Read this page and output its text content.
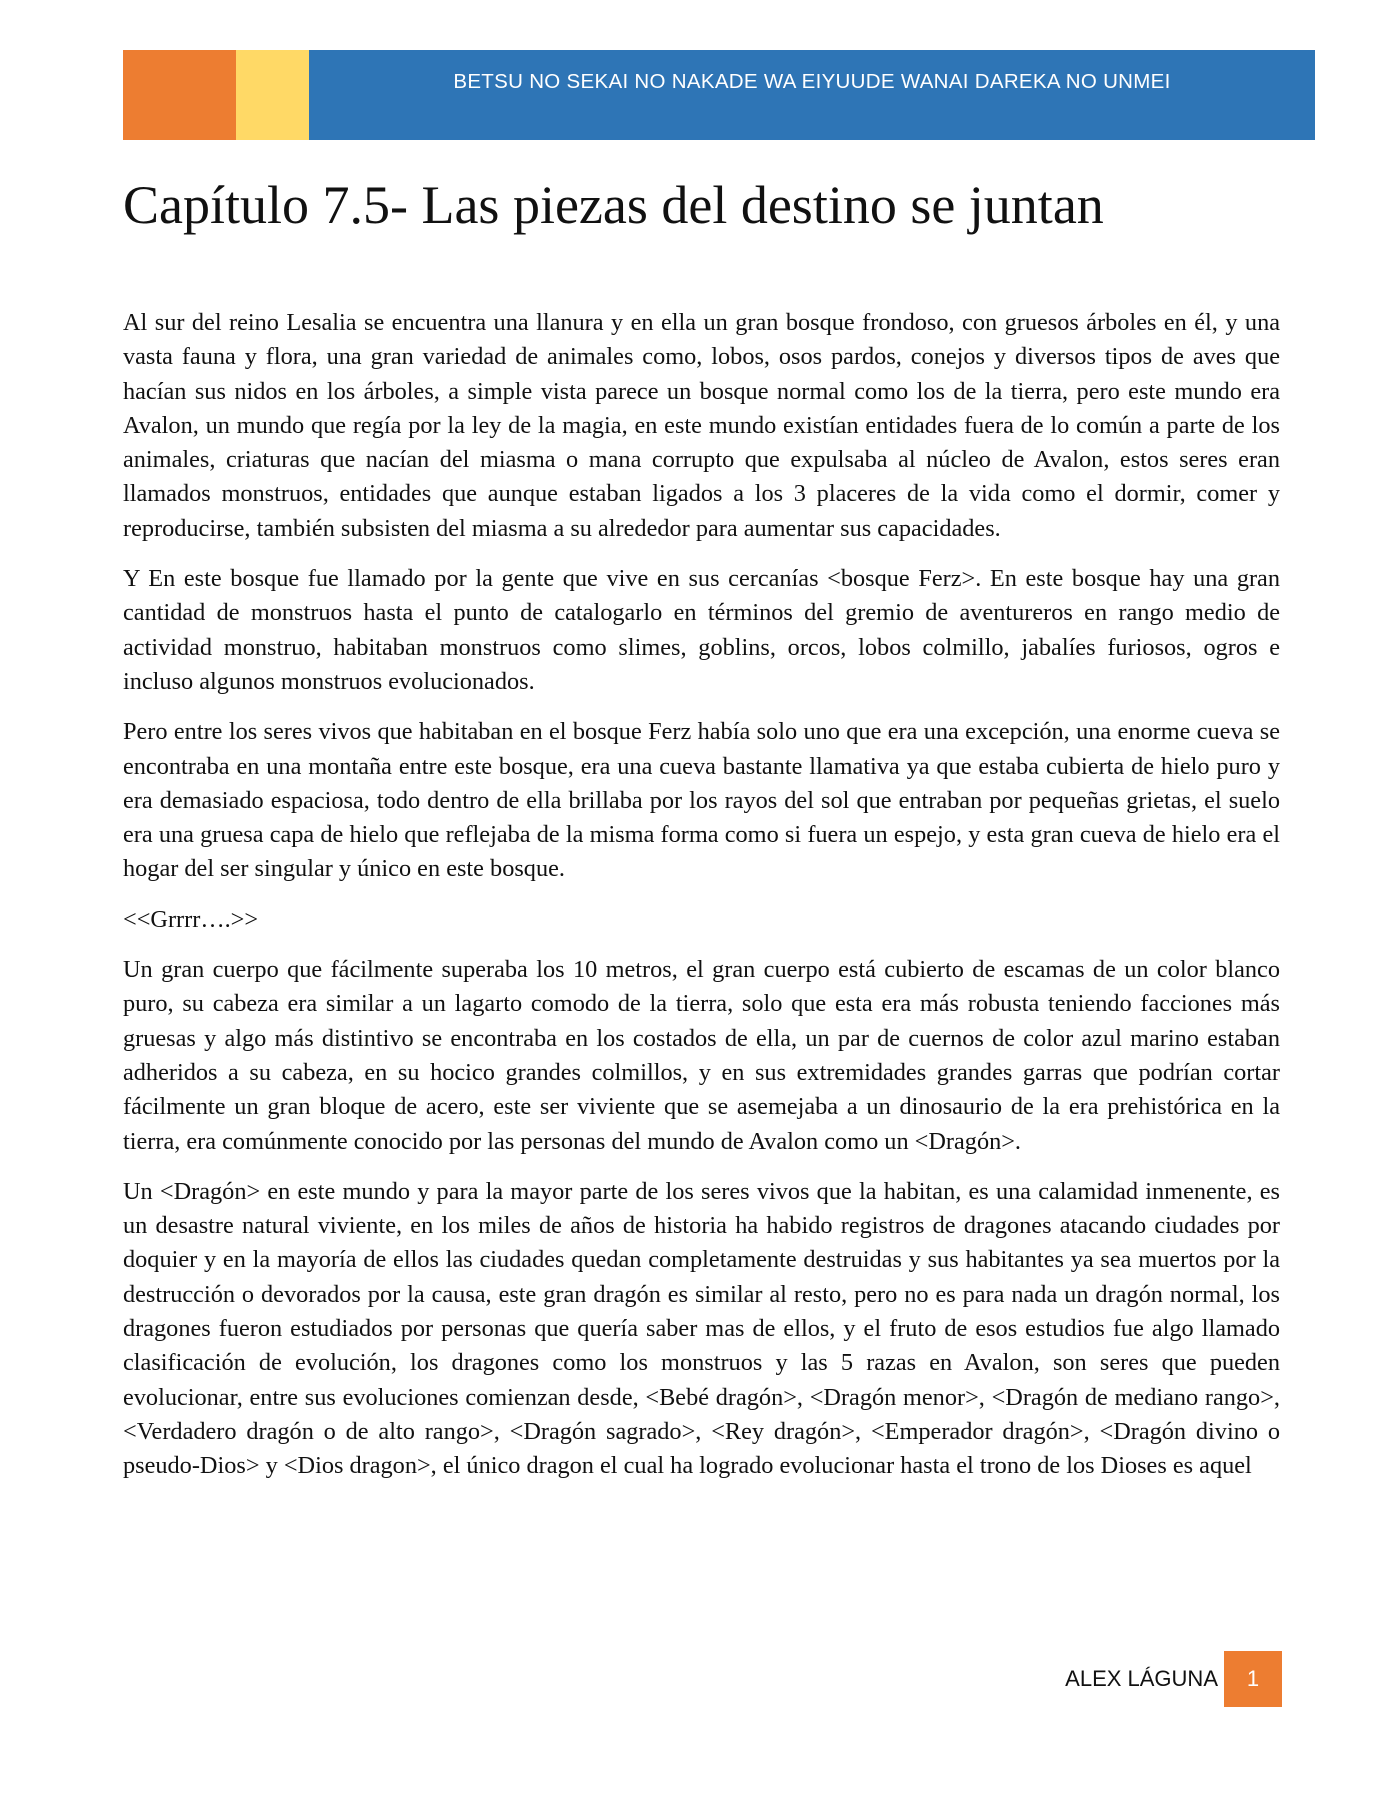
BETSU NO SEKAI NO NAKADE WA EIYUUDE WANAI DAREKA NO UNMEI
Capítulo 7.5- Las piezas del destino se juntan

Al sur del reino Lesalia se encuentra una llanura y en ella un gran bosque frondoso, con gruesos árboles en él, y una vasta fauna y flora, una gran variedad de animales como, lobos, osos pardos, conejos y diversos tipos de aves que hacían sus nidos en los árboles, a simple vista parece un bosque normal como los de la tierra, pero este mundo era Avalon, un mundo que regía por la ley de la magia, en este mundo existían entidades fuera de lo común a parte de los animales, criaturas que nacían del miasma o mana corrupto que expulsaba al núcleo de Avalon, estos seres eran llamados monstruos, entidades que aunque estaban ligados a los 3 placeres de la vida como el dormir, comer y reproducirse, también subsisten del miasma a su alrededor para aumentar sus capacidades.

Y En este bosque fue llamado por la gente que vive en sus cercanías <bosque Ferz>. En este bosque hay una gran cantidad de monstruos hasta el punto de catalogarlo en términos del gremio de aventureros en rango medio de actividad monstruo, habitaban monstruos como slimes, goblins, orcos, lobos colmillo, jabalíes furiosos, ogros e incluso algunos monstruos evolucionados.

Pero entre los seres vivos que habitaban en el bosque Ferz había solo uno que era una excepción, una enorme cueva se encontraba en una montaña entre este bosque, era una cueva bastante llamativa ya que estaba cubierta de hielo puro y era demasiado espaciosa, todo dentro de ella brillaba por los rayos del sol que entraban por pequeñas grietas, el suelo era una gruesa capa de hielo que reflejaba de la misma forma como si fuera un espejo, y esta gran cueva de hielo era el hogar del ser singular y único en este bosque.

<<Grrrr….>>

Un gran cuerpo que fácilmente superaba los 10 metros, el gran cuerpo está cubierto de escamas de un color blanco puro, su cabeza era similar a un lagarto comodo de la tierra, solo que esta era más robusta teniendo facciones más gruesas y algo más distintivo se encontraba en los costados de ella, un par de cuernos de color azul marino estaban adheridos a su cabeza, en su hocico grandes colmillos, y en sus extremidades grandes garras que podrían cortar fácilmente un gran bloque de acero, este ser viviente que se asemejaba a un dinosaurio de la era prehistórica en la tierra, era comúnmente conocido por las personas del mundo de Avalon como un <Dragón>.

Un <Dragón> en este mundo y para la mayor parte de los seres vivos que la habitan, es una calamidad inmenente, es un desastre natural viviente, en los miles de años de historia ha habido registros de dragones atacando ciudades por doquier y en la mayoría de ellos las ciudades quedan completamente destruidas y sus habitantes ya sea muertos por la destrucción o devorados por la causa, este gran dragón es similar al resto, pero no es para nada un dragón normal, los dragones fueron estudiados por personas que quería saber mas de ellos, y el fruto de esos estudios fue algo llamado clasificación de evolución, los dragones como los monstruos y las 5 razas en Avalon, son seres que pueden evolucionar, entre sus evoluciones comienzan desde, <Bebé dragón>, <Dragón menor>, <Dragón de mediano rango>, <Verdadero dragón o de alto rango>, <Dragón sagrado>, <Rey dragón>, <Emperador dragón>, <Dragón divino o pseudo-Dios> y <Dios dragon>, el único dragon el cual ha logrado evolucionar hasta el trono de los Dioses es aquel

ALEX LÁGUNA	1
